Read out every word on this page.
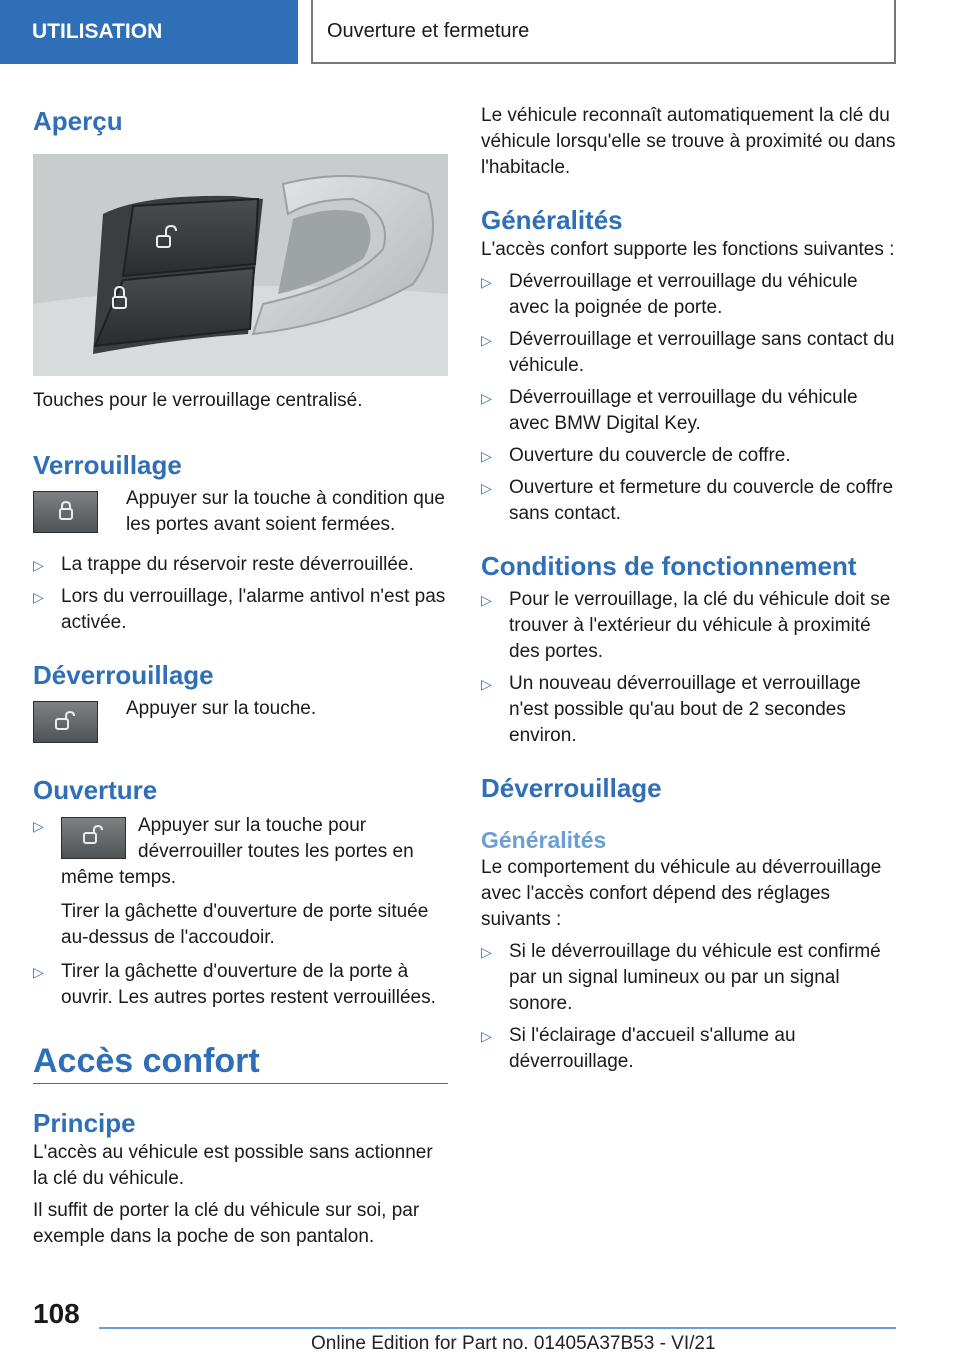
UTILISATION	Ouverture et fermeture
Aperçu

Touches pour le verrouillage centralisé.

Verrouillage

Appuyer sur la touche à condition que les portes avant soient fermées.

▷ La trappe du réservoir reste déverrouillée.
▷ Lors du verrouillage, l'alarme antivol n'est pas activée.
Déverrouillage

Appuyer sur la touche.

Ouverture
▷	Appuyer sur la touche pour déverrouiller toutes les portes en même temps.

Tirer la gâchette d'ouverture de porte située au-dessus de l'accoudoir.

▷ Tirer la gâchette d'ouverture de la porte à ouvrir. Les autres portes restent verrouillées.
Accès confort
Principe

L'accès au véhicule est possible sans actionner la clé du véhicule.

Il suffit de porter la clé du véhicule sur soi, par exemple dans la poche de son pantalon.

Le véhicule reconnaît automatiquement la clé du véhicule lorsqu'elle se trouve à proximité ou dans l'habitacle.

Généralités

L'accès confort supporte les fonctions suivantes :

▷ Déverrouillage et verrouillage du véhicule avec la poignée de porte.
▷ Déverrouillage et verrouillage sans contact du véhicule.
▷ Déverrouillage et verrouillage du véhicule avec BMW Digital Key.
▷ Ouverture du couvercle de coffre.
▷ Ouverture et fermeture du couvercle de coffre sans contact.
Conditions de fonctionnement
▷ Pour le verrouillage, la clé du véhicule doit se trouver à l'extérieur du véhicule à proximité des portes.
▷ Un nouveau déverrouillage et verrouillage n'est possible qu'au bout de 2 secondes environ.
Déverrouillage
Généralités

Le comportement du véhicule au déverrouillage avec l'accès confort dépend des réglages suivants :

▷ Si le déverrouillage du véhicule est confirmé par un signal lumineux ou par un signal sonore.
▷ Si l'éclairage d'accueil s'allume au déverrouillage.
108
Online Edition for Part no. 01405A37B53 - VI/21
